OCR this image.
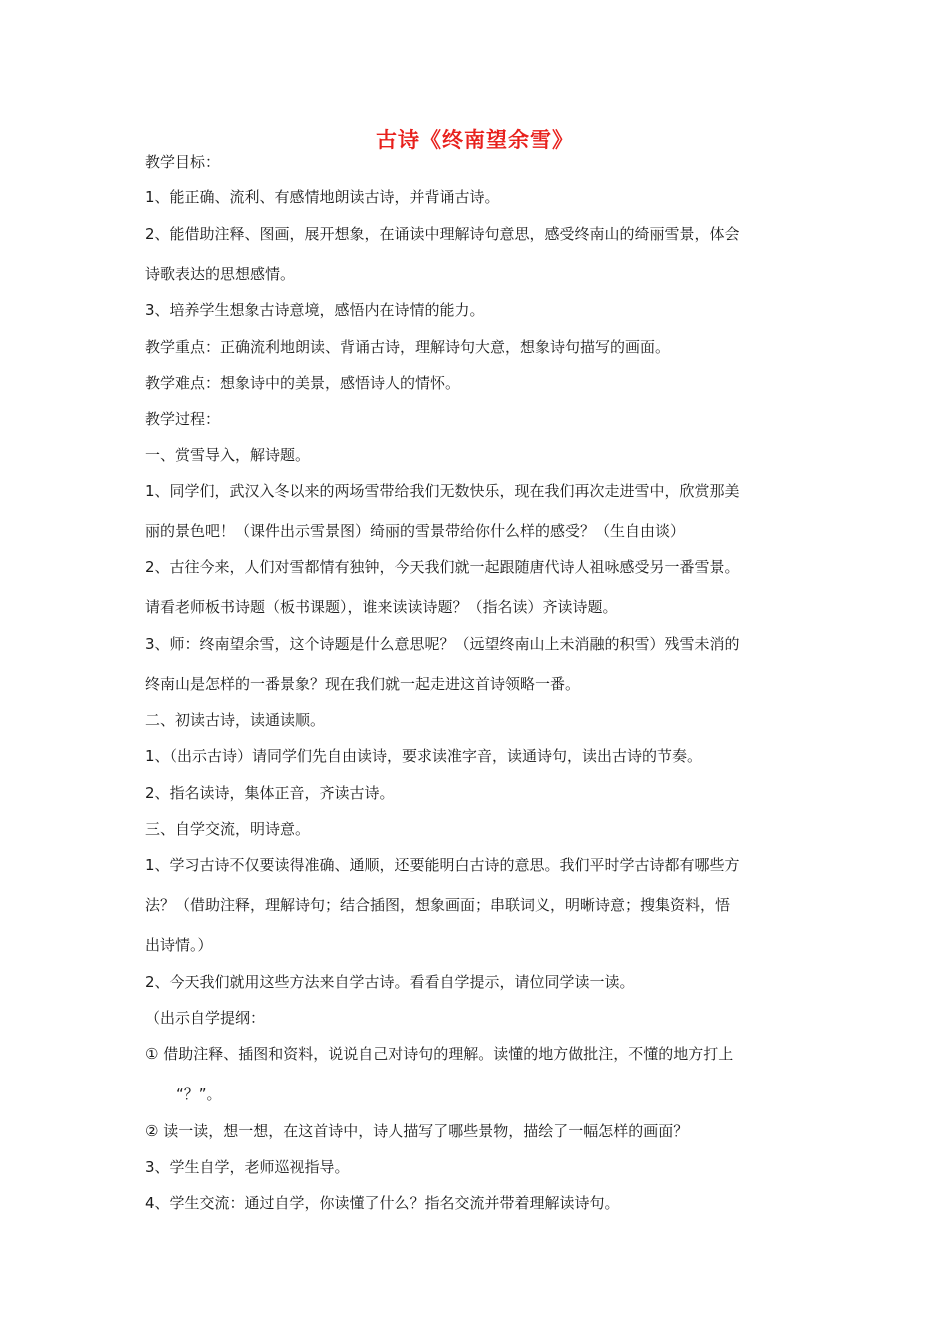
古诗《终南望余雪》
教学目标：
1、能正确、流利、有感情地朗读古诗，并背诵古诗。
2、能借助注释、图画，展开想象，在诵读中理解诗句意思，感受终南山的绮丽雪景，体会
诗歌表达的思想感情。
3、培养学生想象古诗意境，感悟内在诗情的能力。
教学重点：正确流利地朗读、背诵古诗，理解诗句大意，想象诗句描写的画面。
教学难点：想象诗中的美景，感悟诗人的情怀。
教学过程：
一、赏雪导入，解诗题。
1、同学们，武汉入冬以来的两场雪带给我们无数快乐，现在我们再次走进雪中，欣赏那美
丽的景色吧！（课件出示雪景图）绮丽的雪景带给你什么样的感受？（生自由谈）
2、古往今来，人们对雪都情有独钟，今天我们就一起跟随唐代诗人祖咏感受另一番雪景。
请看老师板书诗题（板书课题），谁来读读诗题？（指名读）齐读诗题。
3、师：终南望余雪，这个诗题是什么意思呢？（远望终南山上未消融的积雪）残雪未消的
终南山是怎样的一番景象？现在我们就一起走进这首诗领略一番。
二、初读古诗，读通读顺。
1、（出示古诗）请同学们先自由读诗，要求读准字音，读通诗句，读出古诗的节奏。
2、指名读诗，集体正音，齐读古诗。
三、自学交流，明诗意。
1、学习古诗不仅要读得准确、通顺，还要能明白古诗的意思。我们平时学古诗都有哪些方
法？（借助注释，理解诗句；结合插图，想象画面；串联词义，明晰诗意；搜集资料，悟
出诗情。）
2、今天我们就用这些方法来自学古诗。看看自学提示，请位同学读一读。
（出示自学提纲：
① 借助注释、插图和资料，说说自己对诗句的理解。读懂的地方做批注，不懂的地方打上
“？”。
② 读一读，想一想，在这首诗中，诗人描写了哪些景物，描绘了一幅怎样的画面？
3、学生自学，老师巡视指导。
4、学生交流：通过自学，你读懂了什么？指名交流并带着理解读诗句。
